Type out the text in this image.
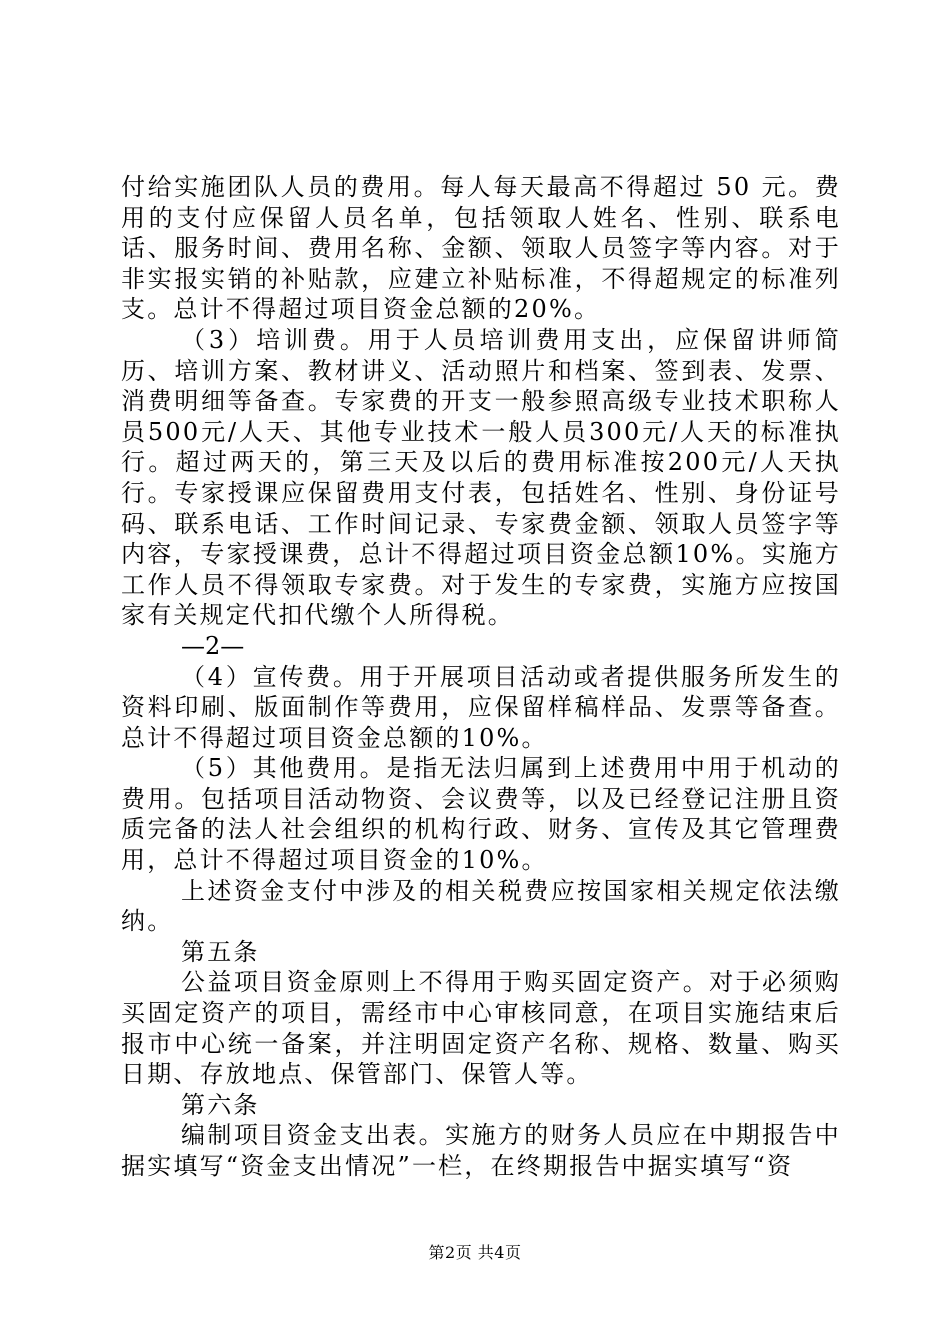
付给实施团队人员的费用。每人每天最高不得超过 50 元。费用的支付应保留人员名单，包括领取人姓名、性别、联系电话、服务时间、费用名称、金额、领取人员签字等内容。对于非实报实销的补贴款，应建立补贴标准，不得超规定的标准列支。总计不得超过项目资金总额的20%。

（3）培训费。用于人员培训费用支出，应保留讲师简历、培训方案、教材讲义、活动照片和档案、签到表、发票、消费明细等备查。专家费的开支一般参照高级专业技术职称人员500元/人天、其他专业技术一般人员300元/人天的标准执行。超过两天的，第三天及以后的费用标准按200元/人天执行。专家授课应保留费用支付表，包括姓名、性别、身份证号码、联系电话、工作时间记录、专家费金额、领取人员签字等内容，专家授课费，总计不得超过项目资金总额10%。实施方工作人员不得领取专家费。对于发生的专家费，实施方应按国家有关规定代扣代缴个人所得税。

—2—

（4）宣传费。用于开展项目活动或者提供服务所发生的资料印刷、版面制作等费用，应保留样稿样品、发票等备查。总计不得超过项目资金总额的10%。

（5）其他费用。是指无法归属到上述费用中用于机动的费用。包括项目活动物资、会议费等，以及已经登记注册且资质完备的法人社会组织的机构行政、财务、宣传及其它管理费用，总计不得超过项目资金的10%。

上述资金支付中涉及的相关税费应按国家相关规定依法缴纳。

第五条

公益项目资金原则上不得用于购买固定资产。对于必须购买固定资产的项目，需经市中心审核同意，在项目实施结束后报市中心统一备案，并注明固定资产名称、规格、数量、购买日期、存放地点、保管部门、保管人等。

第六条

编制项目资金支出表。实施方的财务人员应在中期报告中据实填写“资金支出情况”一栏，在终期报告中据实填写“资

第2页 共4页
